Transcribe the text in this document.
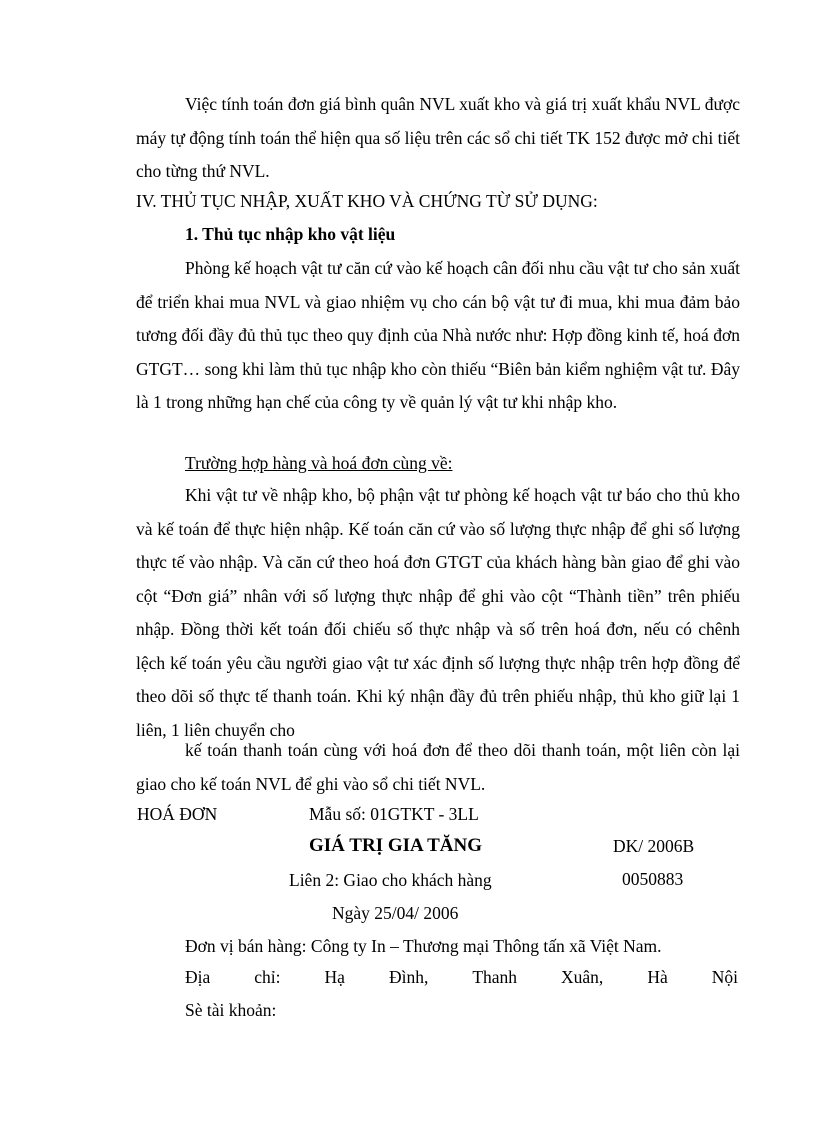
Việc tính toán đơn giá bình quân NVL xuất kho và giá trị xuất khẩu NVL được máy tự động tính toán thể hiện qua số liệu trên các sổ chi tiết TK 152 được mở chi tiết cho từng thứ NVL.
IV. THỦ TỤC NHẬP, XUẤT KHO VÀ CHỨNG TỪ SỬ DỤNG:
1. Thủ tục nhập kho vật liệu
Phòng kế hoạch vật tư căn cứ vào kế hoạch cân đối nhu cầu vật tư cho sản xuất để triển khai mua NVL và giao nhiệm vụ cho cán bộ vật tư đi mua, khi mua đảm bảo tương đối đầy đủ thủ tục theo quy định của Nhà nước như: Hợp đồng kinh tế, hoá đơn GTGT… song khi làm thủ tục nhập kho còn thiếu “Biên bản kiểm nghiệm vật tư. Đây là 1 trong những hạn chế của công ty về quản lý vật tư khi nhập kho.
Trường hợp hàng và hoá đơn cùng về:
Khi vật tư về nhập kho, bộ phận vật tư phòng kế hoạch vật tư báo cho thủ kho và kế toán để thực hiện nhập. Kế toán căn cứ vào số lượng thực nhập để ghi số lượng thực tế vào nhập. Và căn cứ theo hoá đơn GTGT của khách hàng bàn giao để ghi vào cột “Đơn giá” nhân với số lượng thực nhập để ghi vào cột “Thành tiền” trên phiếu nhập. Đồng thời kết toán đối chiếu số thực nhập và số trên hoá đơn, nếu có chênh lệch kế toán yêu cầu người giao vật tư xác định số lượng thực nhập trên hợp đồng để theo dõi số thực tế thanh toán. Khi ký nhận đầy đủ trên phiếu nhập, thủ kho giữ lại 1 liên, 1 liên chuyển cho
kế toán thanh toán cùng với hoá đơn để theo dõi thanh toán, một liên còn lại giao cho kế toán NVL để ghi vào sổ chi tiết NVL.
HOÁ ĐƠN	Mẫu số: 01GTKT - 3LL
GIÁ TRỊ GIA TĂNG	DK/ 2006B
Liên 2: Giao cho khách hàng	0050883
Ngày 25/04/ 2006
Đơn vị bán hàng: Công ty In – Thương mại Thông tấn xã Việt Nam.
Địa	chỉ:	Hạ	Đình,	Thanh	Xuân,	Hà	Nội
Sè tài khoản:
